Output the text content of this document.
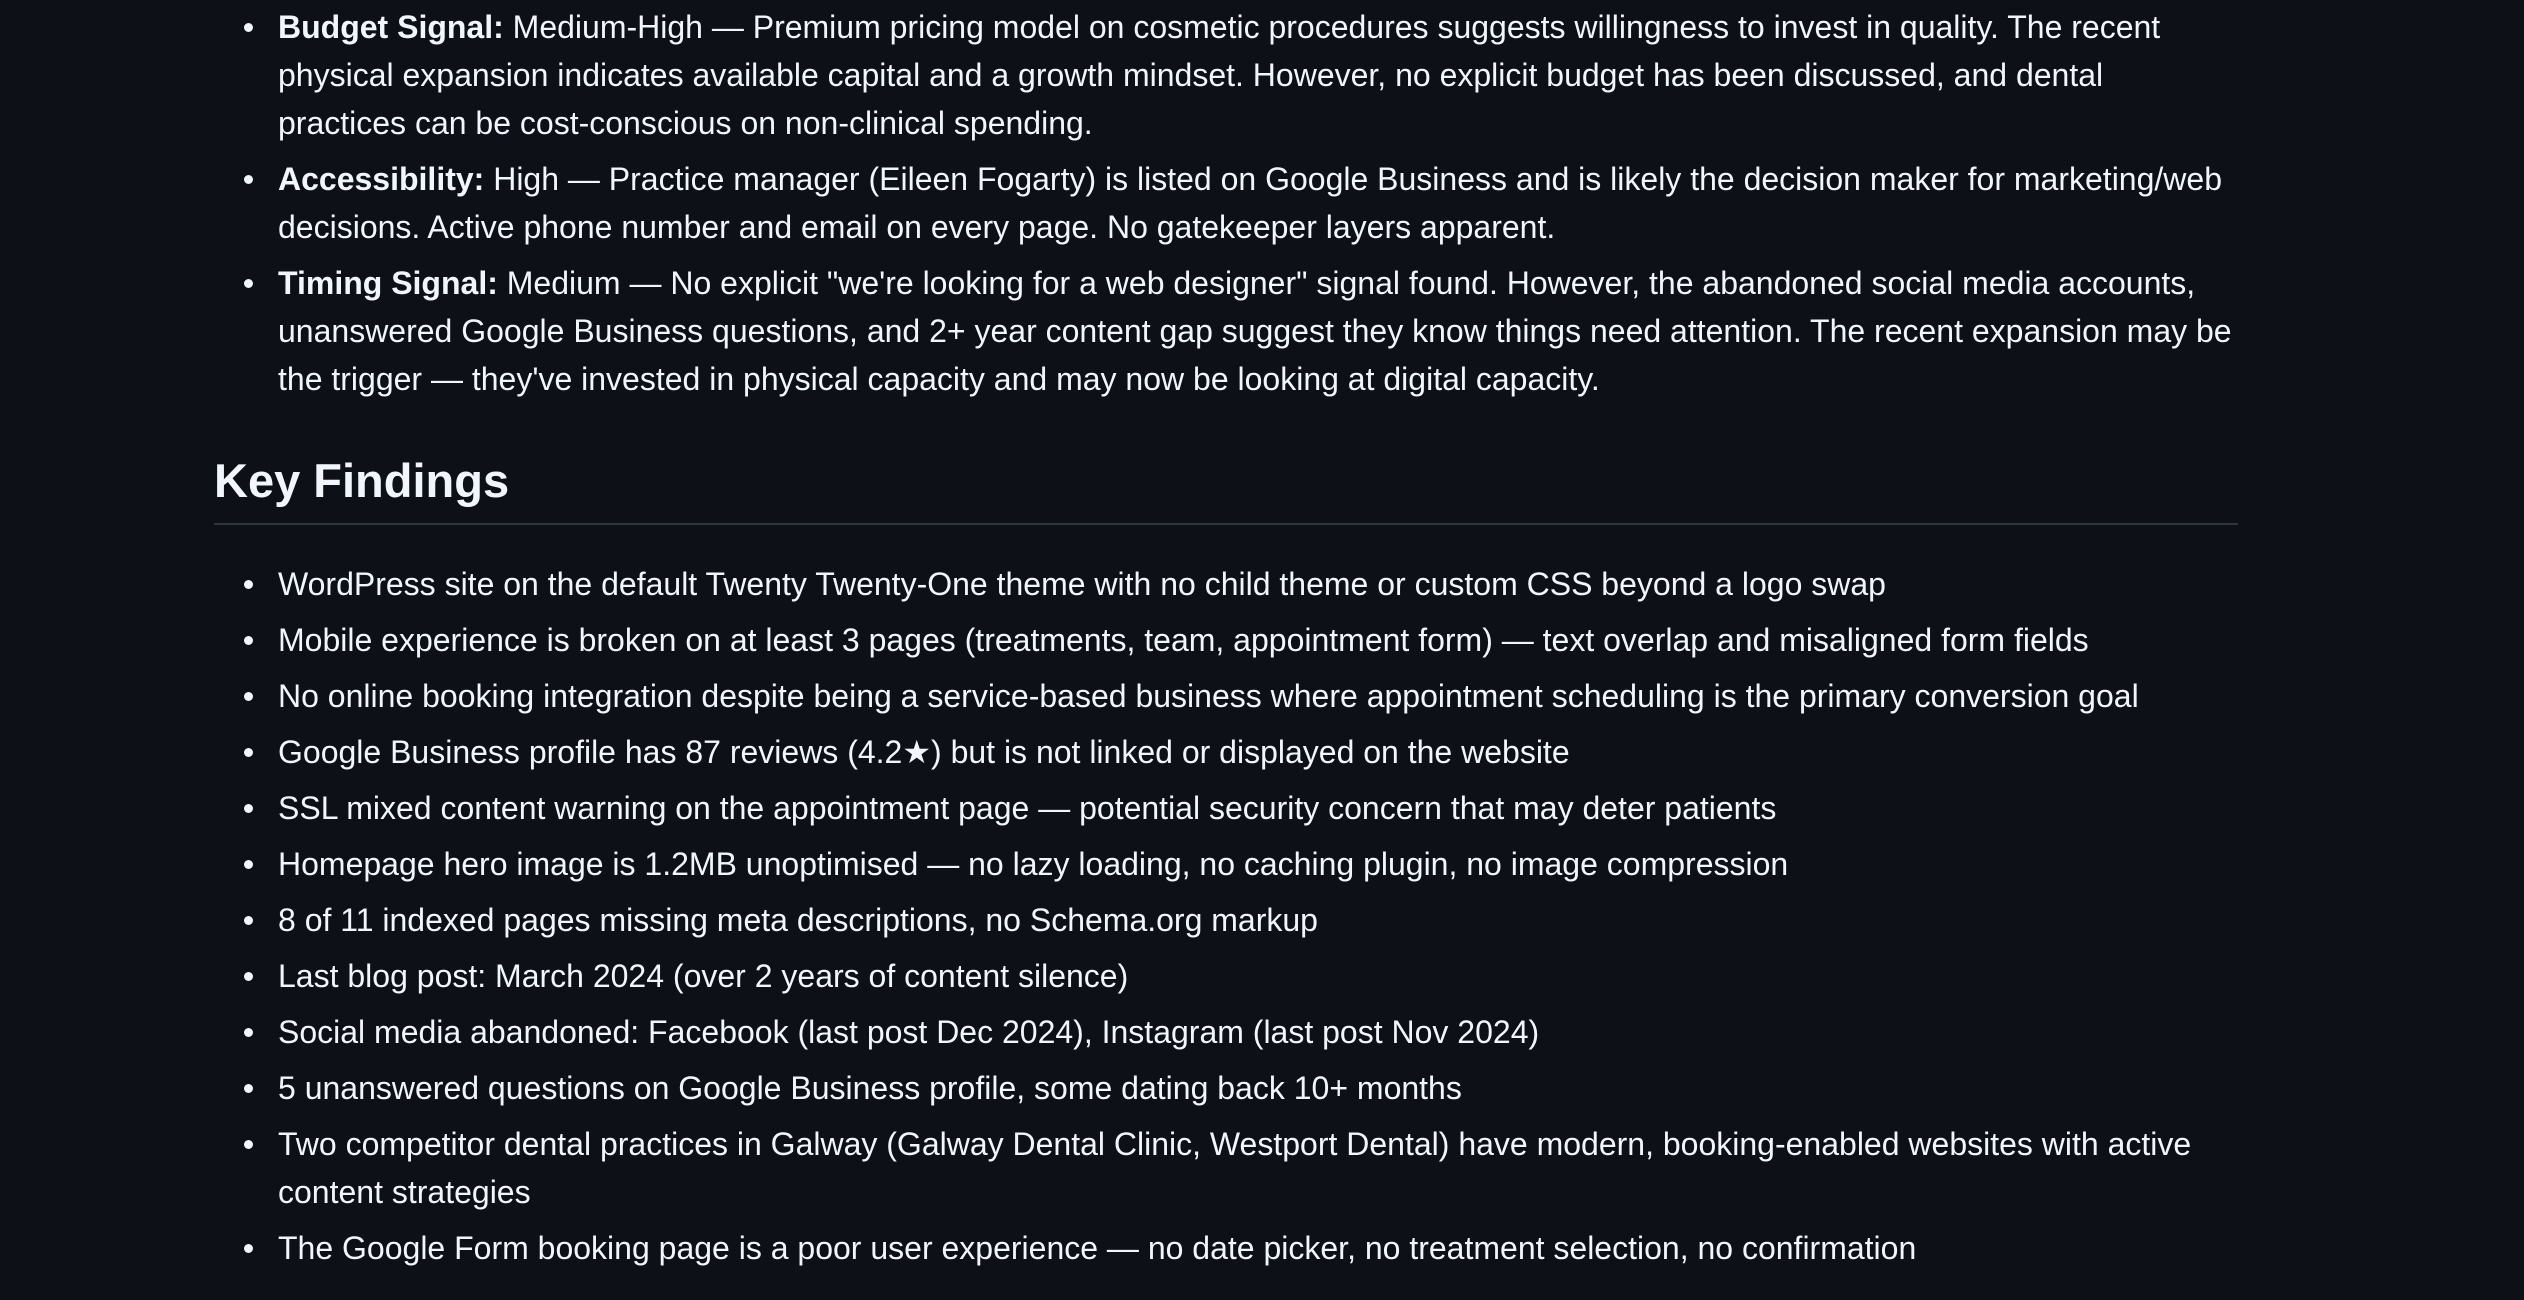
Budget Signal: Medium-High — Premium pricing model on cosmetic procedures suggests willingness to invest in quality. The recent physical expansion indicates available capital and a growth mindset. However, no explicit budget has been discussed, and dental practices can be cost-conscious on non-clinical spending.
Accessibility: High — Practice manager (Eileen Fogarty) is listed on Google Business and is likely the decision maker for marketing/web decisions. Active phone number and email on every page. No gatekeeper layers apparent.
Timing Signal: Medium — No explicit "we're looking for a web designer" signal found. However, the abandoned social media accounts, unanswered Google Business questions, and 2+ year content gap suggest they know things need attention. The recent expansion may be the trigger — they've invested in physical capacity and may now be looking at digital capacity.
Key Findings
WordPress site on the default Twenty Twenty-One theme with no child theme or custom CSS beyond a logo swap
Mobile experience is broken on at least 3 pages (treatments, team, appointment form) — text overlap and misaligned form fields
No online booking integration despite being a service-based business where appointment scheduling is the primary conversion goal
Google Business profile has 87 reviews (4.2★) but is not linked or displayed on the website
SSL mixed content warning on the appointment page — potential security concern that may deter patients
Homepage hero image is 1.2MB unoptimised — no lazy loading, no caching plugin, no image compression
8 of 11 indexed pages missing meta descriptions, no Schema.org markup
Last blog post: March 2024 (over 2 years of content silence)
Social media abandoned: Facebook (last post Dec 2024), Instagram (last post Nov 2024)
5 unanswered questions on Google Business profile, some dating back 10+ months
Two competitor dental practices in Galway (Galway Dental Clinic, Westport Dental) have modern, booking-enabled websites with active content strategies
The Google Form booking page is a poor user experience — no date picker, no treatment selection, no confirmation
